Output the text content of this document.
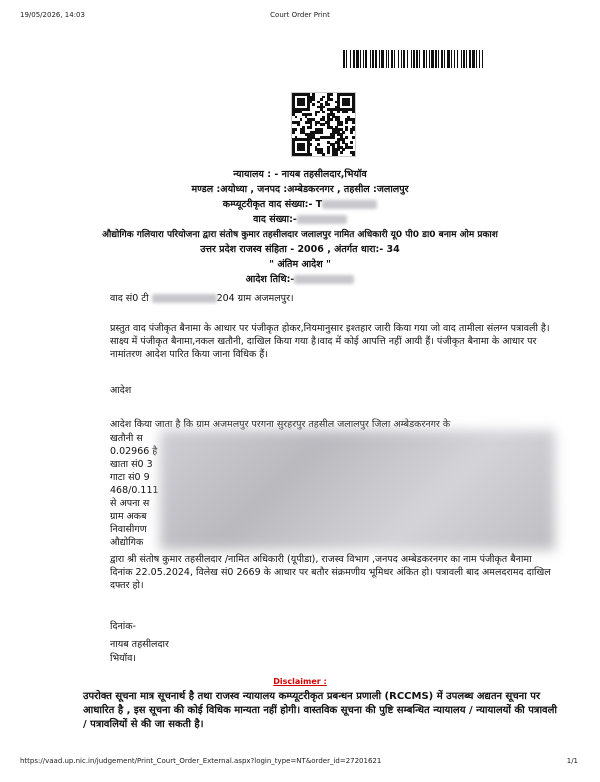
19/05/2026, 14:03	Court Order Print
न्यायालय : - नायब तहसीलदार,भियॉव
मण्डल :अयोध्या , जनपद :अम्बेडकरनगर , तहसील :जलालपुर
कम्प्यूटरीकृत वाद संख्या:- T
वाद संख्या:-
औद्योगिक गलियारा परियोजना द्वारा संतोष कुमार तहसीलदार जलालपुर नामित अधिकारी यू0 पी0 डा0 बनाम ओम प्रकाश
उत्तर प्रदेश राजस्व संहिता - 2006 , अंतर्गत धारा:- 34
" अंतिम आदेश "
आदेश तिथि:-
वाद सं0 टी	204 ग्राम अजमलपुर।
प्रस्तुत वाद पंजीकृत बैनामा के आधार पर पंजीकृत होकर,नियमानुसार इश्तहार जारी किया गया जो वाद तामीला संलग्न पत्रावली है। साक्ष्य में पंजीकृत बैनामा,नकल खतौनी, दाखिल किया गया है।वाद में कोई आपत्ति नहीं आयी हैं। पंजीकृत बैनामा के आधार पर नामांतरण आदेश पारित किया जाना विधिक हैं।
आदेश
आदेश किया जाता है कि ग्राम अजमलपुर परगना सुरहरपुर तहसील जलालपुर जिला अम्बेडकरनगर के
खतौनी स
0.02966 है
खाता सं0 3
गाटा सं0 9
468/0.111
से अपना स
ग्राम अकब
निवासीगण
औद्योगिक
द्वारा श्री संतोष कुमार तहसीलदार /नामित अधिकारी (यूपीडा), राजस्व विभाग ,जनपद अम्बेडकरनगर का नाम पंजीकृत बैनामा दिनांक 22.05.2024, विलेख सं0 2669 के आधार पर बतौर संक्रमणीय भूमिधर अंकित हो। पत्रावली बाद अमलदरामद दाखिल दफ्तर हो।
दिनांक-
नायब तहसीलदार
भियॉव।
Disclaimer :
उपरोक्त सूचना मात्र सूचनार्थ है तथा राजस्व न्यायालय कम्प्यूटरीकृत प्रबन्धन प्रणाली (RCCMS) में उपलब्ध अद्यतन सूचना पर आधारित है , इस सूचना की कोई विधिक मान्यता नहीं होगी। वास्तविक सूचना की पुष्टि सम्बन्धित न्यायालय / न्यायालयों की पत्रावली / पत्रावलियों से की जा सकती है।
https://vaad.up.nic.in/judgement/Print_Court_Order_External.aspx?login_type=NT&order_id=27201621	1/1
